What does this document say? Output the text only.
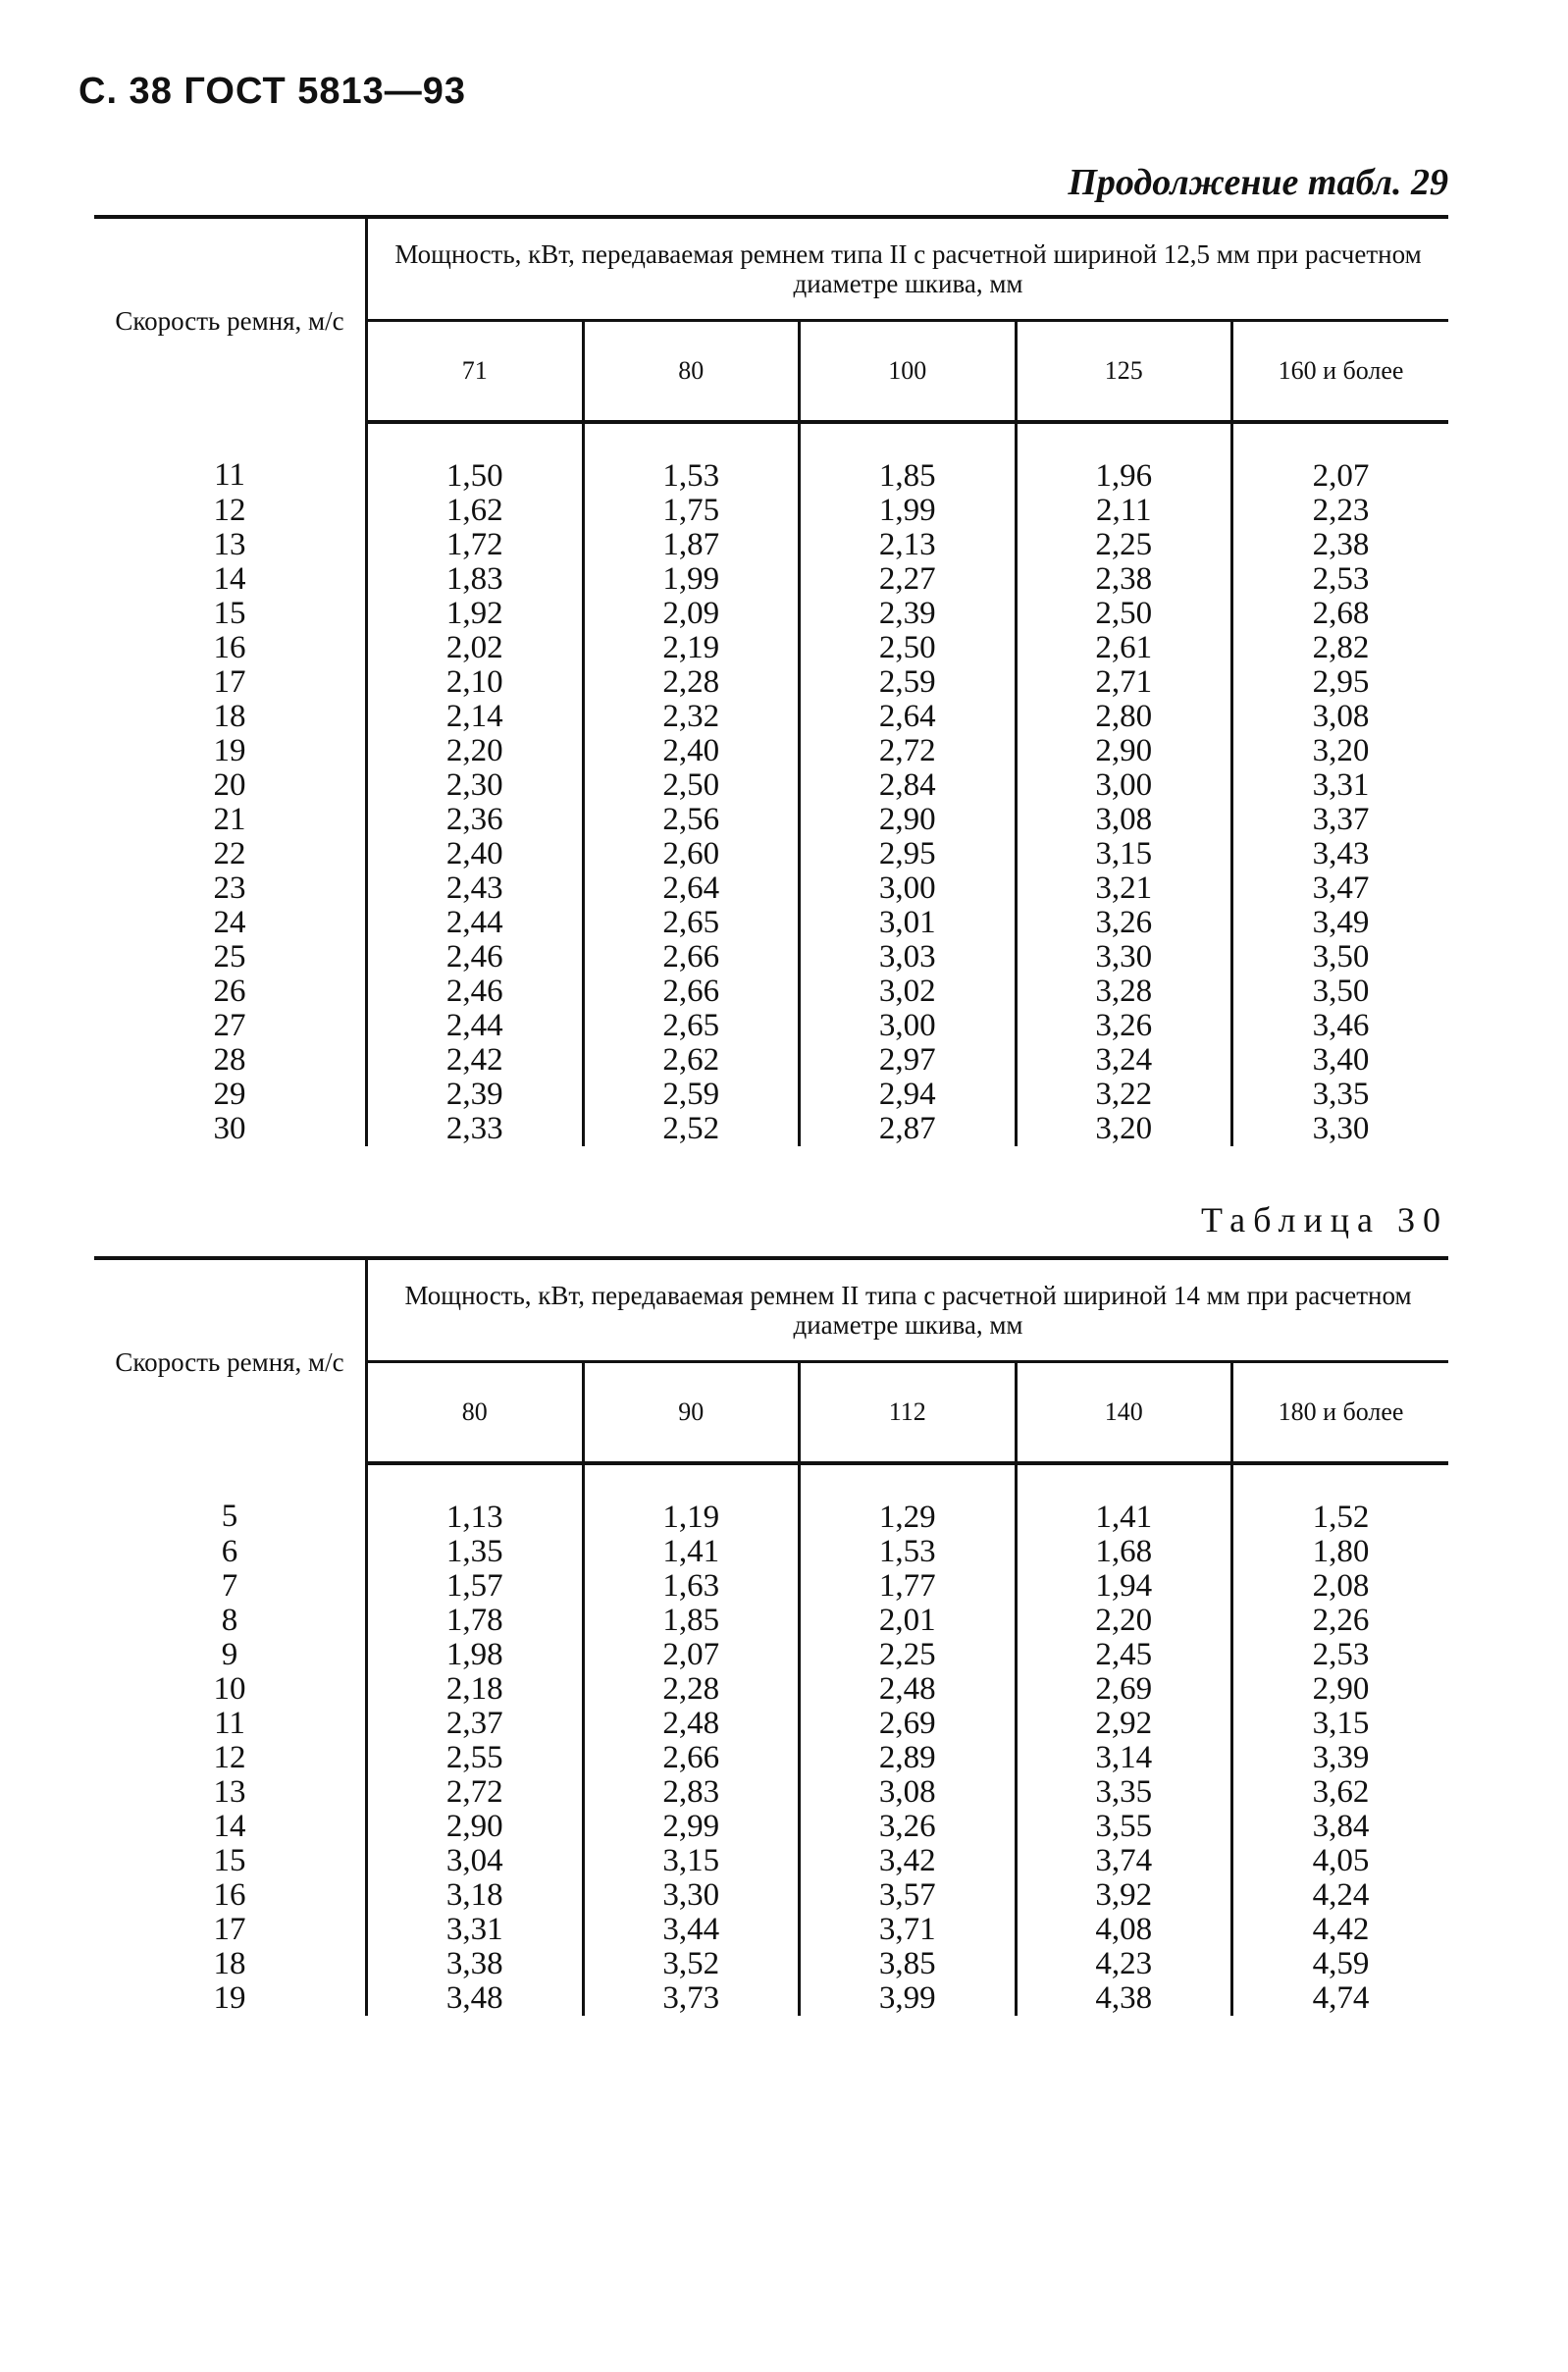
С. 38 ГОСТ 5813—93
Продолжение табл. 29
Скорость ремня, м/с	Мощность, кВт, передаваемая ремнем типа II с расчетной шириной 12,5 мм при расчетном диаметре шкива, мм				
	71	80	100	125	160 и более
11	1,50	1,53	1,85	1,96	2,07
12	1,62	1,75	1,99	2,11	2,23
13	1,72	1,87	2,13	2,25	2,38
14	1,83	1,99	2,27	2,38	2,53
15	1,92	2,09	2,39	2,50	2,68
16	2,02	2,19	2,50	2,61	2,82
17	2,10	2,28	2,59	2,71	2,95
18	2,14	2,32	2,64	2,80	3,08
19	2,20	2,40	2,72	2,90	3,20
20	2,30	2,50	2,84	3,00	3,31
21	2,36	2,56	2,90	3,08	3,37
22	2,40	2,60	2,95	3,15	3,43
23	2,43	2,64	3,00	3,21	3,47
24	2,44	2,65	3,01	3,26	3,49
25	2,46	2,66	3,03	3,30	3,50
26	2,46	2,66	3,02	3,28	3,50
27	2,44	2,65	3,00	3,26	3,46
28	2,42	2,62	2,97	3,24	3,40
29	2,39	2,59	2,94	3,22	3,35
30	2,33	2,52	2,87	3,20	3,30
Таблица 30
Скорость ремня, м/с	Мощность, кВт, передаваемая ремнем II типа с расчетной шириной 14 мм при расчетном диаметре шкива, мм				
	80	90	112	140	180 и более
5	1,13	1,19	1,29	1,41	1,52
6	1,35	1,41	1,53	1,68	1,80
7	1,57	1,63	1,77	1,94	2,08
8	1,78	1,85	2,01	2,20	2,26
9	1,98	2,07	2,25	2,45	2,53
10	2,18	2,28	2,48	2,69	2,90
11	2,37	2,48	2,69	2,92	3,15
12	2,55	2,66	2,89	3,14	3,39
13	2,72	2,83	3,08	3,35	3,62
14	2,90	2,99	3,26	3,55	3,84
15	3,04	3,15	3,42	3,74	4,05
16	3,18	3,30	3,57	3,92	4,24
17	3,31	3,44	3,71	4,08	4,42
18	3,38	3,52	3,85	4,23	4,59
19	3,48	3,73	3,99	4,38	4,74
